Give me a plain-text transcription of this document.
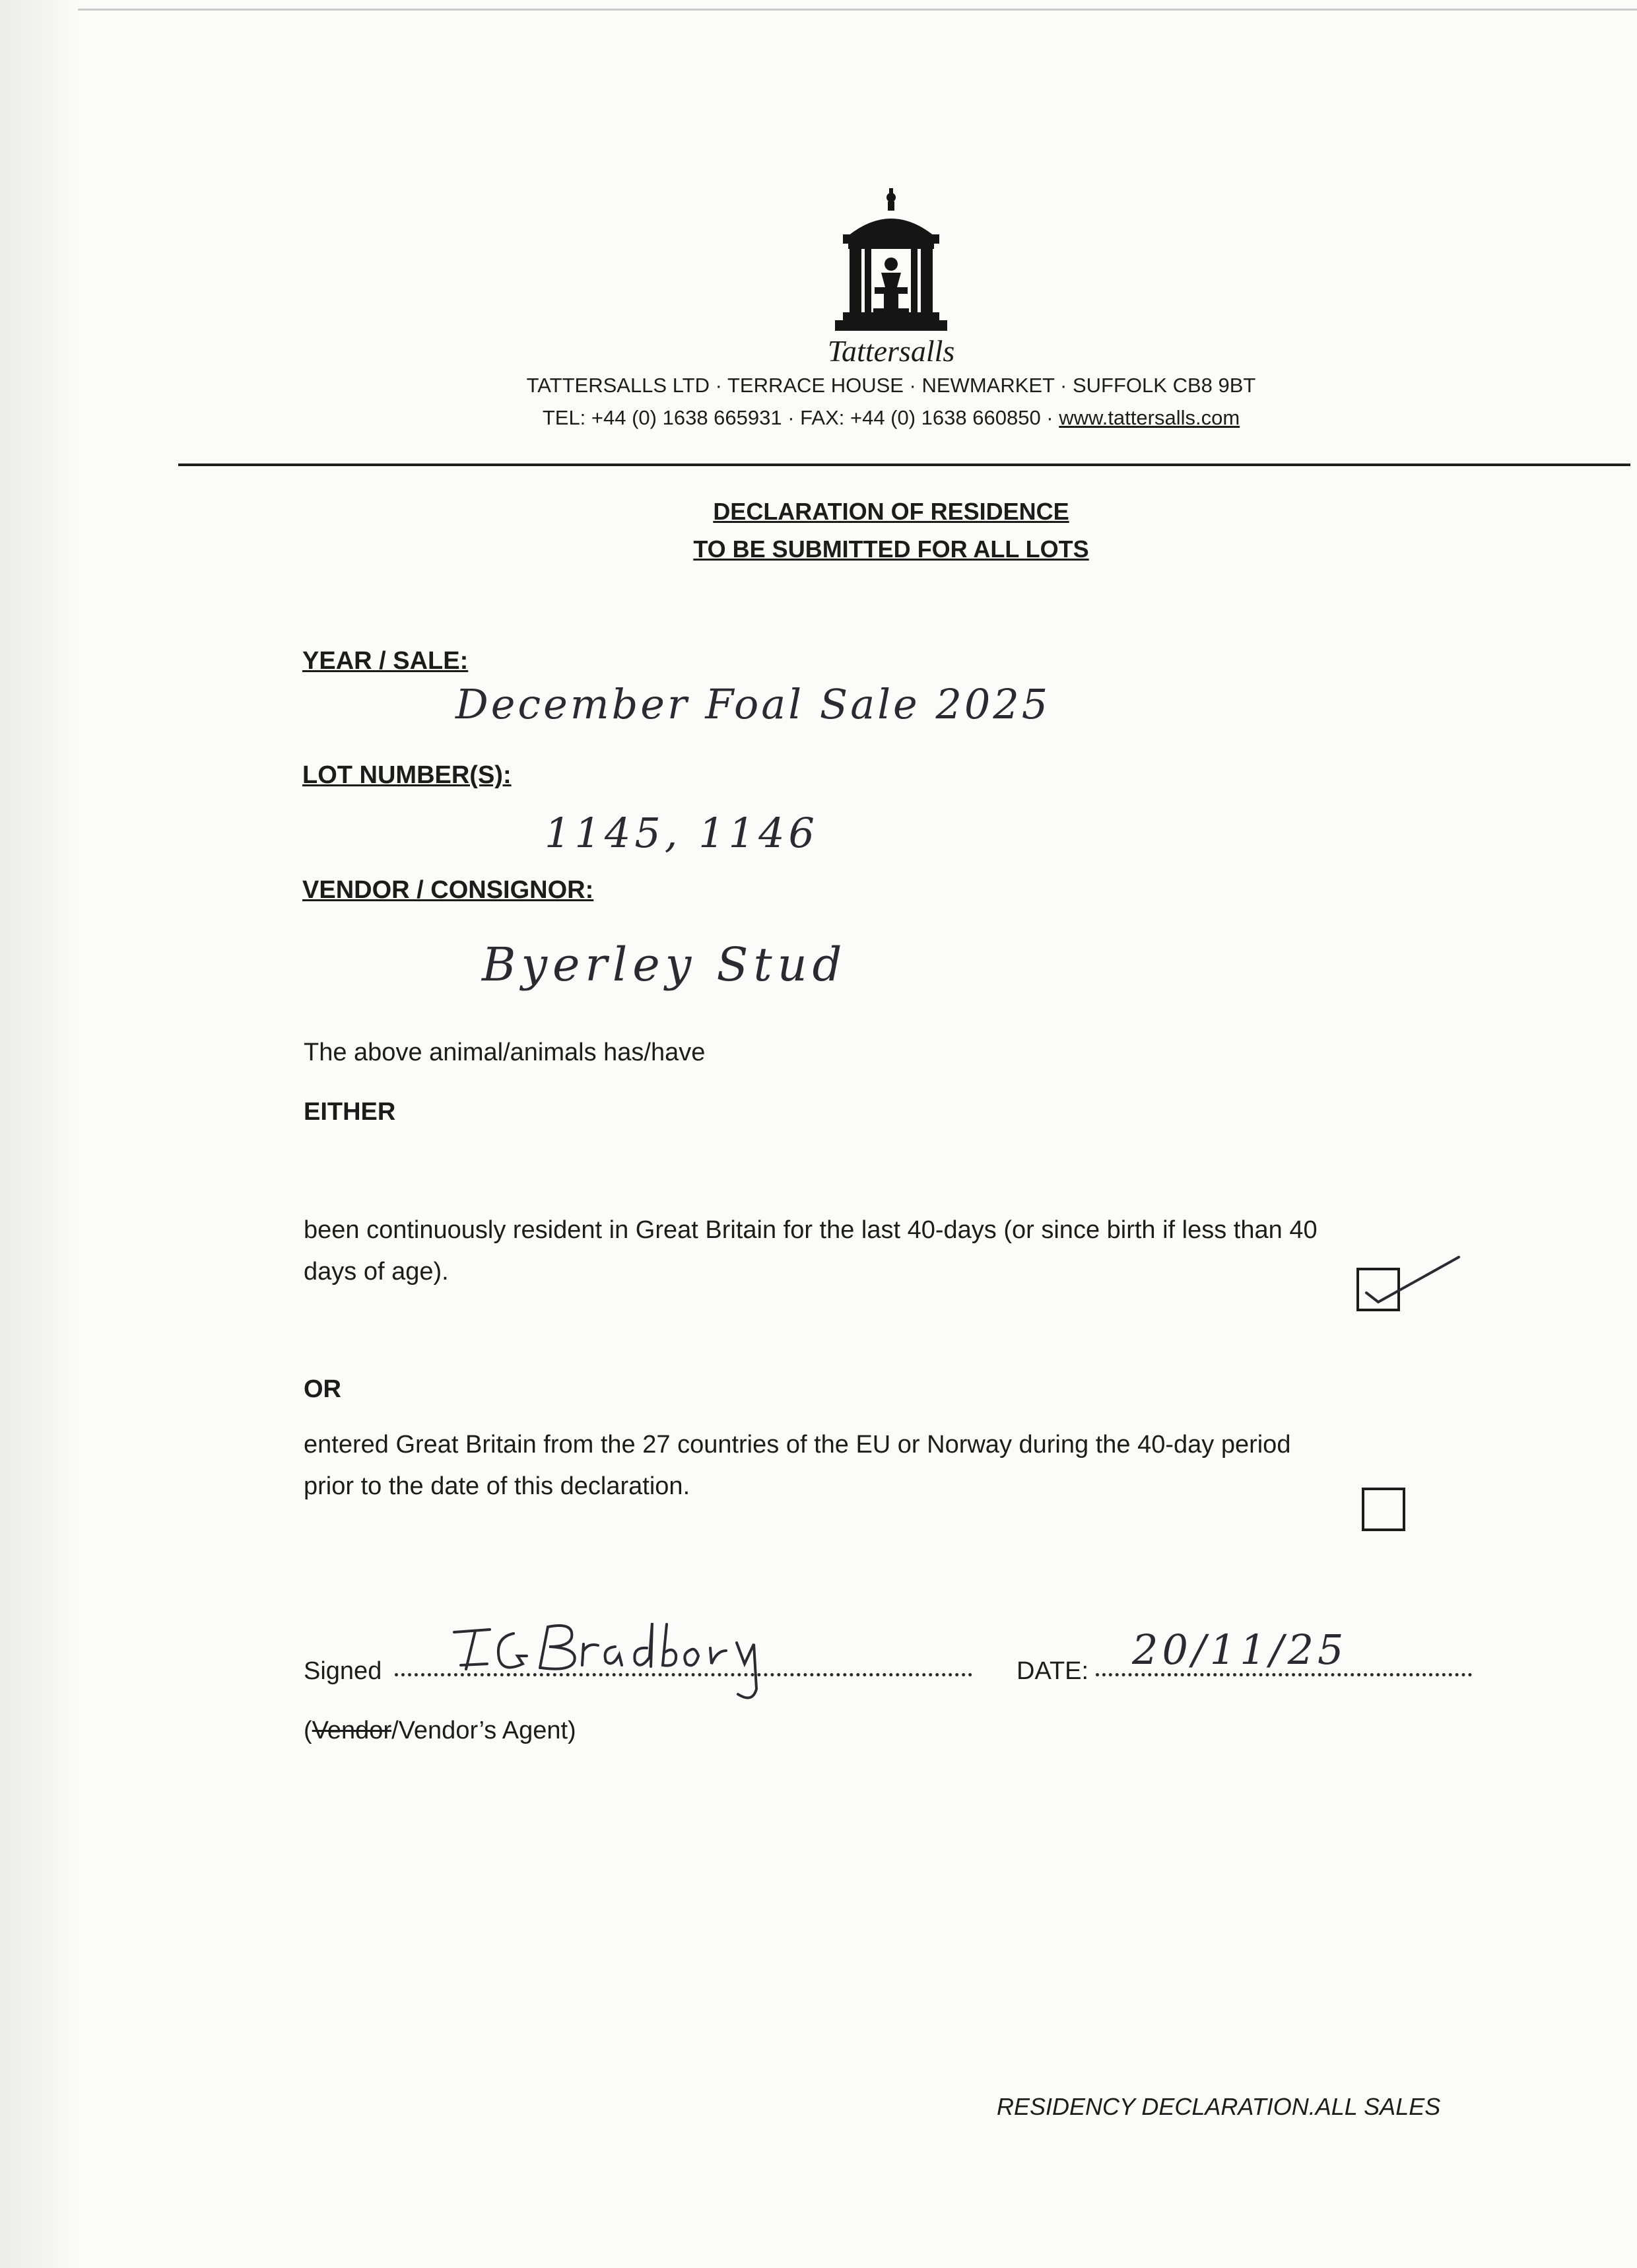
Tattersalls
TATTERSALLS LTD · TERRACE HOUSE · NEWMARKET · SUFFOLK CB8 9BT
TEL: +44 (0) 1638 665931 · FAX: +44 (0) 1638 660850 · www.tattersalls.com
DECLARATION OF RESIDENCE
TO BE SUBMITTED FOR ALL LOTS
YEAR / SALE:
December Foal Sale 2025
LOT NUMBER(S):
1145, 1146
VENDOR / CONSIGNOR:
Byerley Stud
The above animal/animals has/have
EITHER
been continuously resident in Great Britain for the last 40-days (or since birth if less than 40
days of age).
OR
entered Great Britain from the 27 countries of the EU or Norway during the 40-day period
prior to the date of this declaration.
Signed	DATE: 20/11/25
(Vendor/Vendor’s Agent)
RESIDENCY DECLARATION.ALL SALES
